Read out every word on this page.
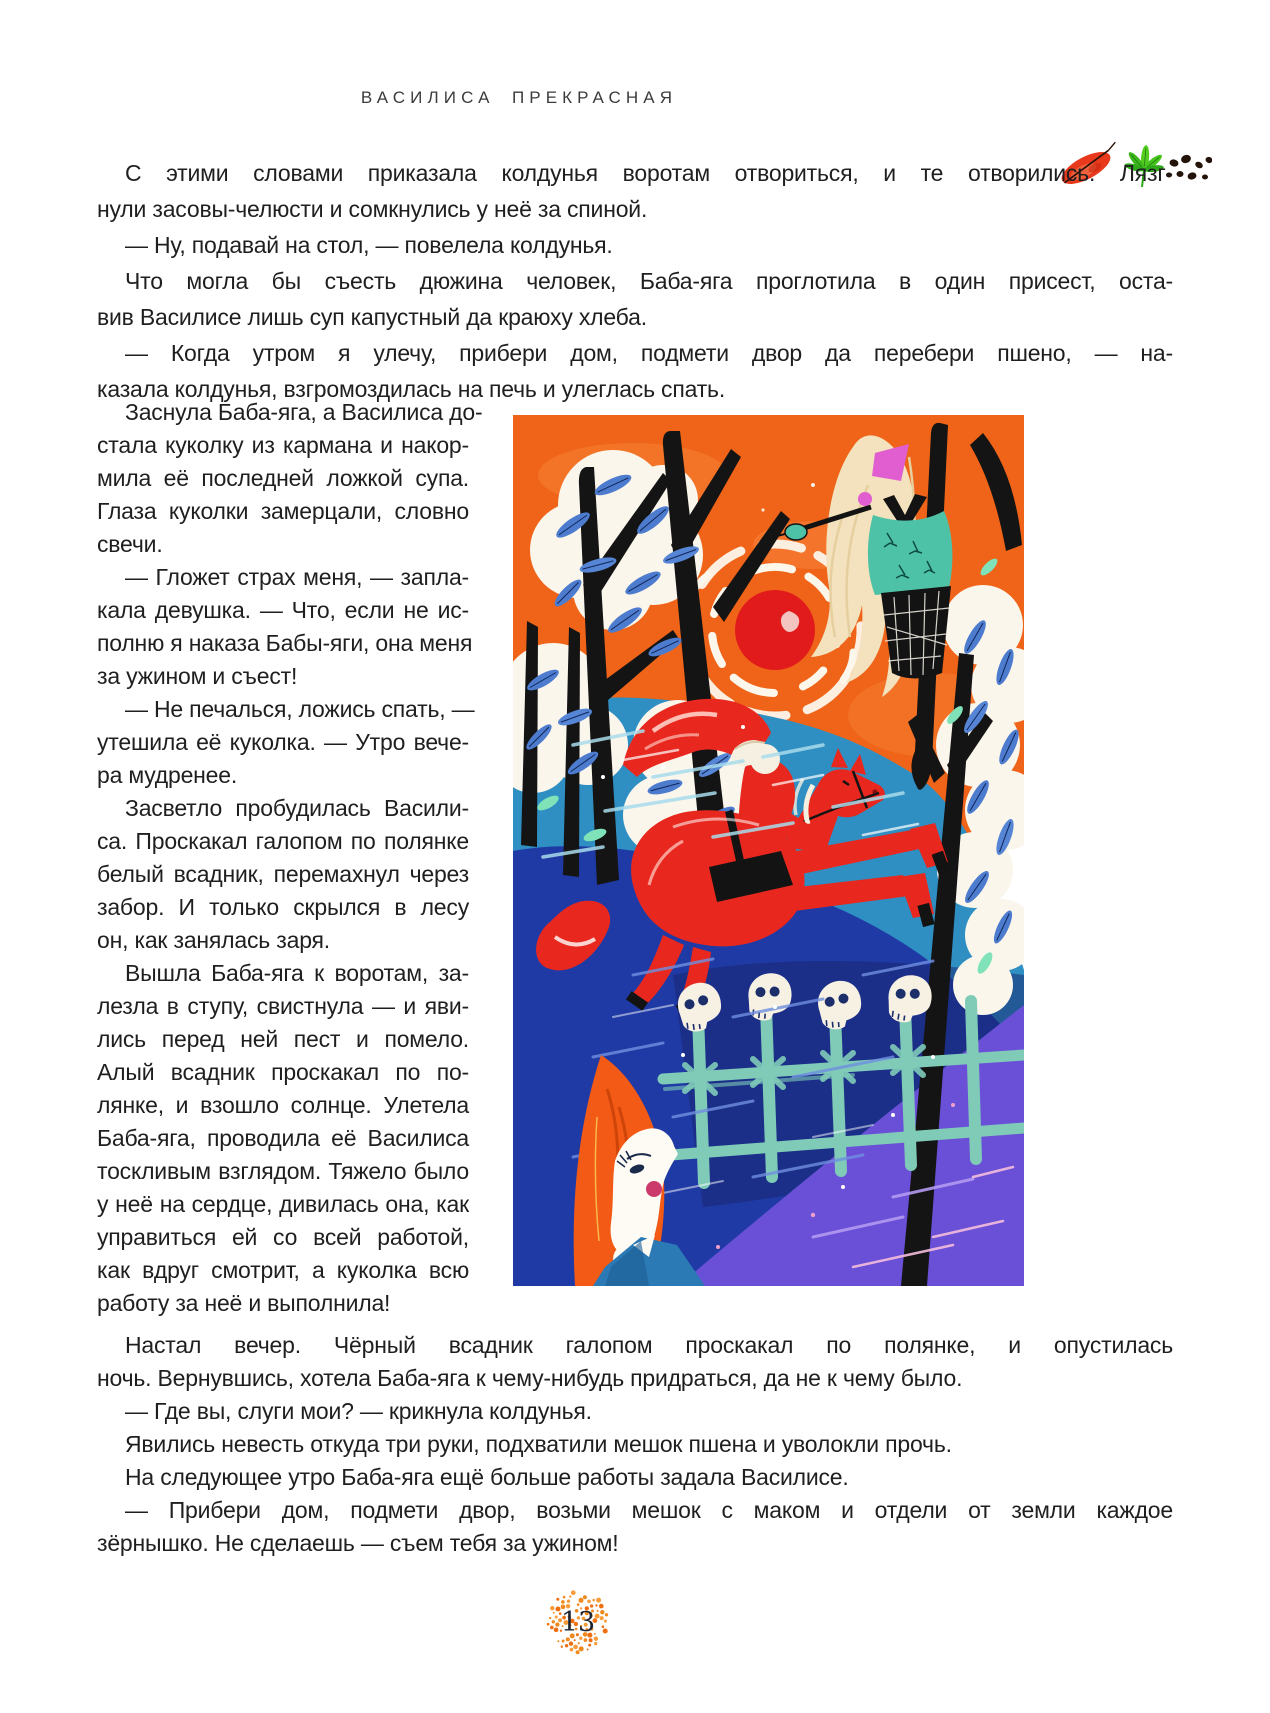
ВАСИЛИСА ПРЕКРАСНАЯ
С этими словами приказала колдунья воротам отвориться, и те отворились. Лязг-
нули засовы-челюсти и сомкнулись у неё за спиной.
— Ну, подавай на стол, — повелела колдунья.
Что могла бы съесть дюжина человек, Баба-яга проглотила в один присест, оста-
вив Василисе лишь суп капустный да краюху хлеба.
— Когда утром я улечу, прибери дом, подмети двор да перебери пшено, — на-
казала колдунья, взгромоздилась на печь и улеглась спать.
Заснула Баба-яга, а Василиса до-
стала куколку из кармана и накор-
мила её последней ложкой супа.
Глаза куколки замерцали, словно
свечи.
— Гложет страх меня, — запла-
кала девушка. — Что, если не ис-
полню я наказа Бабы-яги, она меня
за ужином и съест!
— Не печалься, ложись спать, —
утешила её куколка. — Утро вече-
ра мудренее.
Засветло пробудилась Васили-
са. Проскакал галопом по полянке
белый всадник, перемахнул через
забор. И только скрылся в лесу
он, как занялась заря.
Вышла Баба-яга к воротам, за-
лезла в ступу, свистнула — и яви-
лись перед ней пест и помело.
Алый всадник проскакал по по-
лянке, и взошло солнце. Улетела
Баба-яга, проводила её Василиса
тоскливым взглядом. Тяжело было
у неё на сердце, дивилась она, как
управиться ей со всей работой,
как вдруг смотрит, а куколка всю
работу за неё и выполнила!
Настал вечер. Чёрный всадник галопом проскакал по полянке, и опустилась
ночь. Вернувшись, хотела Баба-яга к чему-нибудь придраться, да не к чему было.
— Где вы, слуги мои? — крикнула колдунья.
Явились невесть откуда три руки, подхватили мешок пшена и уволокли прочь.
На следующее утро Баба-яга ещё больше работы задала Василисе.
— Прибери дом, подмети двор, возьми мешок с маком и отдели от земли каждое
зёрнышко. Не сделаешь — съем тебя за ужином!
13
